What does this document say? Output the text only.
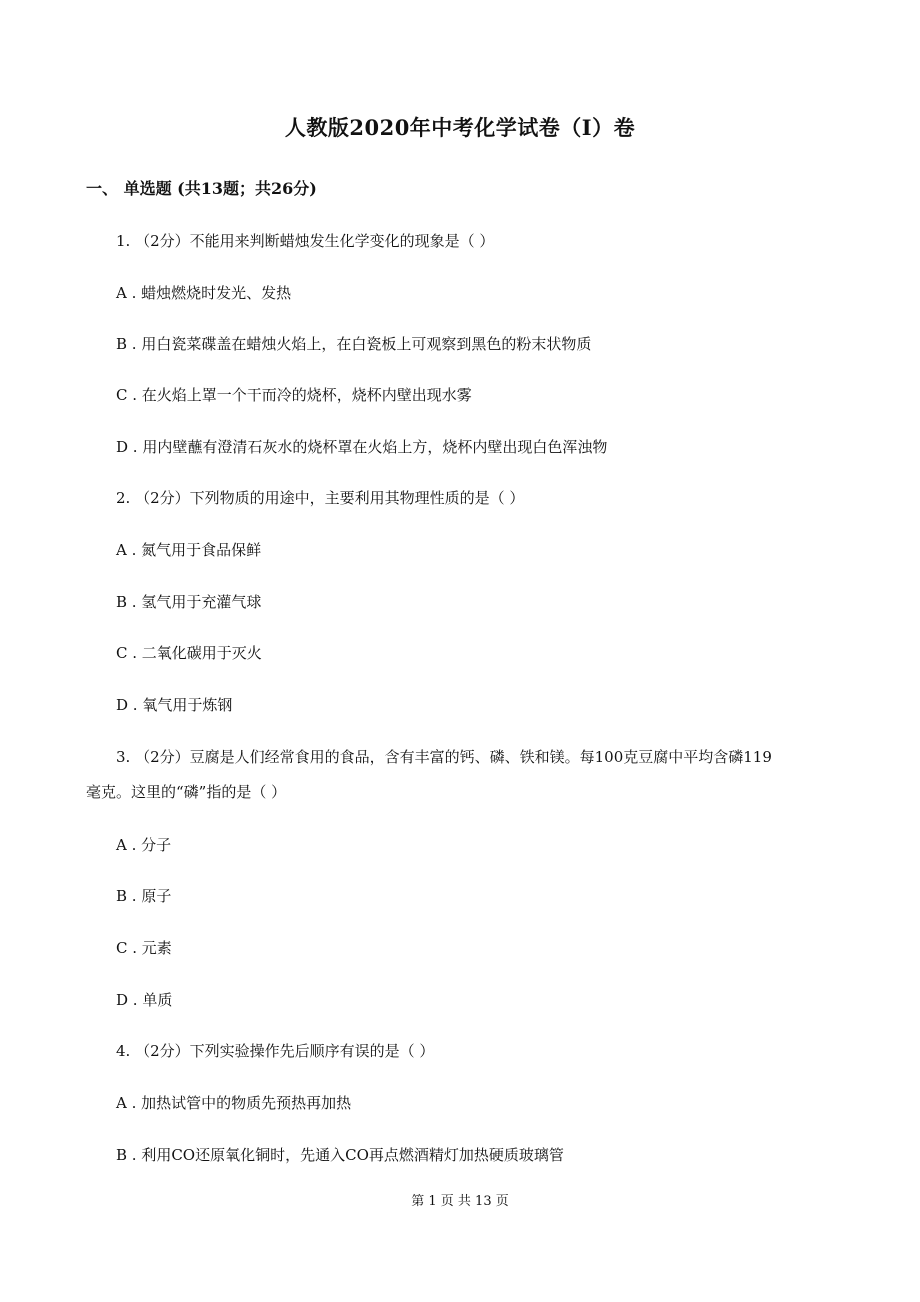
人教版2020年中考化学试卷（I）卷
一、 单选题 (共13题；共26分)
1. （2分）不能用来判断蜡烛发生化学变化的现象是（ ）
A . 蜡烛燃烧时发光、发热
B . 用白瓷菜碟盖在蜡烛火焰上，在白瓷板上可观察到黑色的粉末状物质
C . 在火焰上罩一个干而冷的烧杯，烧杯内壁出现水雾
D . 用内壁蘸有澄清石灰水的烧杯罩在火焰上方，烧杯内壁出现白色浑浊物
2. （2分）下列物质的用途中，主要利用其物理性质的是（ ）
A . 氮气用于食品保鲜
B . 氢气用于充灌气球
C . 二氧化碳用于灭火
D . 氧气用于炼钢
3. （2分）豆腐是人们经常食用的食品，含有丰富的钙、磷、铁和镁。每100克豆腐中平均含磷119
毫克。这里的“磷”指的是（ ）
A . 分子
B . 原子
C . 元素
D . 单质
4. （2分）下列实验操作先后顺序有误的是（ ）
A . 加热试管中的物质先预热再加热
B . 利用CO还原氧化铜时，先通入CO再点燃酒精灯加热硬质玻璃管
第 1 页 共 13 页
